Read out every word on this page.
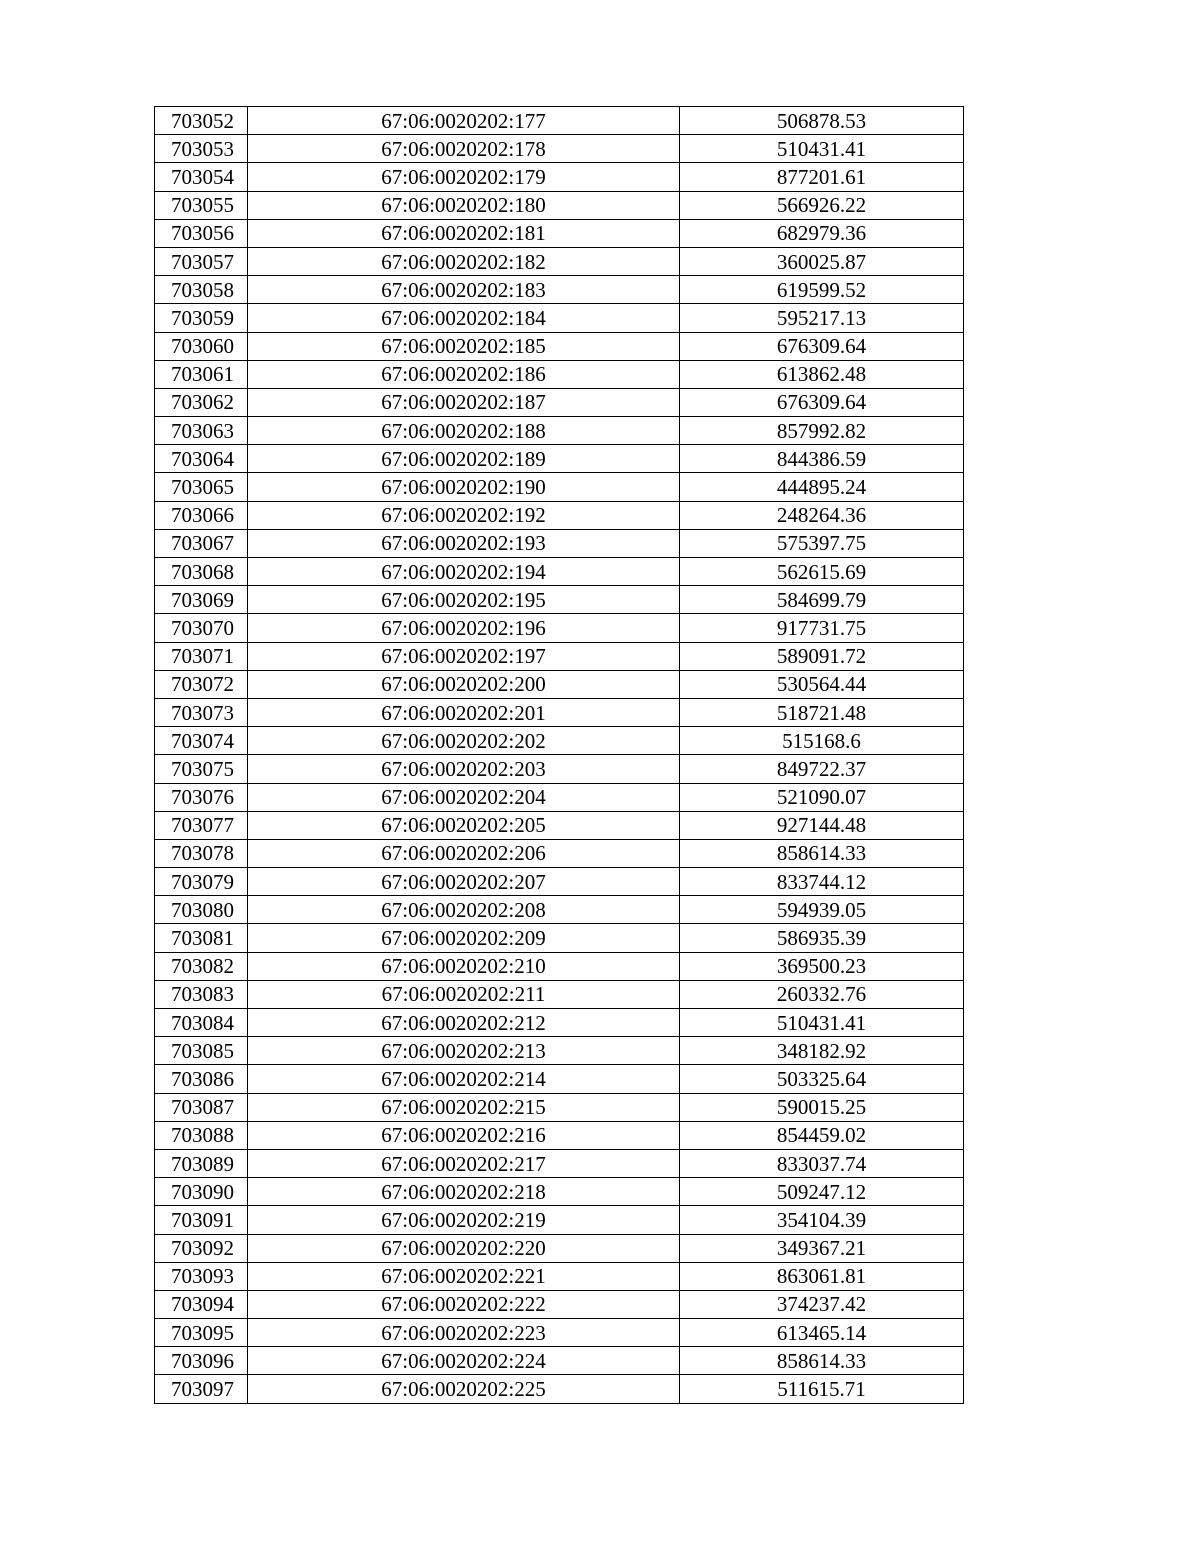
703052	67:06:0020202:177	506878.53
703053	67:06:0020202:178	510431.41
703054	67:06:0020202:179	877201.61
703055	67:06:0020202:180	566926.22
703056	67:06:0020202:181	682979.36
703057	67:06:0020202:182	360025.87
703058	67:06:0020202:183	619599.52
703059	67:06:0020202:184	595217.13
703060	67:06:0020202:185	676309.64
703061	67:06:0020202:186	613862.48
703062	67:06:0020202:187	676309.64
703063	67:06:0020202:188	857992.82
703064	67:06:0020202:189	844386.59
703065	67:06:0020202:190	444895.24
703066	67:06:0020202:192	248264.36
703067	67:06:0020202:193	575397.75
703068	67:06:0020202:194	562615.69
703069	67:06:0020202:195	584699.79
703070	67:06:0020202:196	917731.75
703071	67:06:0020202:197	589091.72
703072	67:06:0020202:200	530564.44
703073	67:06:0020202:201	518721.48
703074	67:06:0020202:202	515168.6
703075	67:06:0020202:203	849722.37
703076	67:06:0020202:204	521090.07
703077	67:06:0020202:205	927144.48
703078	67:06:0020202:206	858614.33
703079	67:06:0020202:207	833744.12
703080	67:06:0020202:208	594939.05
703081	67:06:0020202:209	586935.39
703082	67:06:0020202:210	369500.23
703083	67:06:0020202:211	260332.76
703084	67:06:0020202:212	510431.41
703085	67:06:0020202:213	348182.92
703086	67:06:0020202:214	503325.64
703087	67:06:0020202:215	590015.25
703088	67:06:0020202:216	854459.02
703089	67:06:0020202:217	833037.74
703090	67:06:0020202:218	509247.12
703091	67:06:0020202:219	354104.39
703092	67:06:0020202:220	349367.21
703093	67:06:0020202:221	863061.81
703094	67:06:0020202:222	374237.42
703095	67:06:0020202:223	613465.14
703096	67:06:0020202:224	858614.33
703097	67:06:0020202:225	511615.71
